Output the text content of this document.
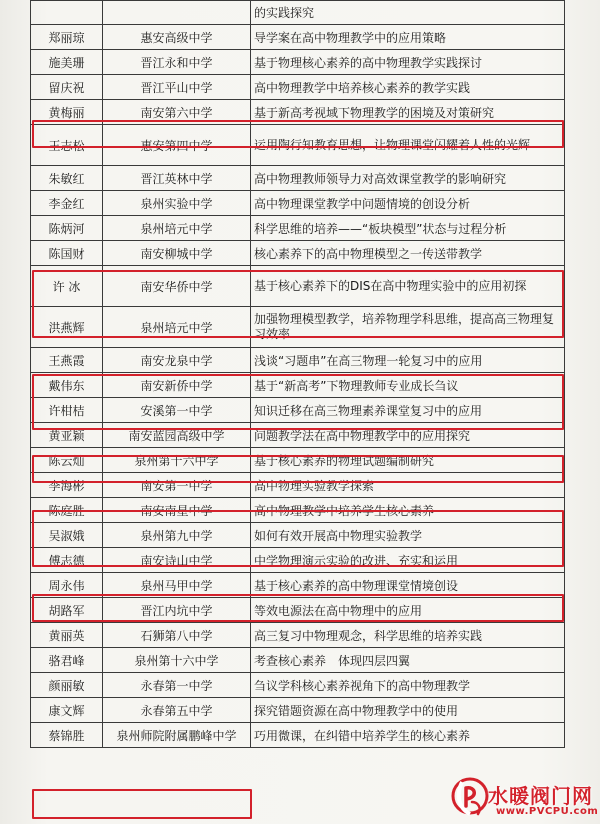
		的实践探究
郑丽琼	惠安高级中学	导学案在高中物理教学中的应用策略
施美珊	晋江永和中学	基于物理核心素养的高中物理教学实践探讨
留庆祝	晋江平山中学	高中物理教学中培养核心素养的教学实践
黄梅丽	南安第六中学	基于新高考视域下物理教学的困境及对策研究
王志松	惠安第四中学	运用陶行知教育思想，让物理课堂闪耀着人性的光辉
朱敏红	晋江英林中学	高中物理教师领导力对高效课堂教学的影响研究
李金红	泉州实验中学	高中物理课堂教学中问题情境的创设分析
陈炳河	泉州培元中学	科学思维的培养——“板块模型”状态与过程分析
陈国财	南安柳城中学	核心素养下的高中物理模型之一传送带教学
许 冰	南安华侨中学	基于核心素养下的DIS在高中物理实验中的应用初探
洪燕辉	泉州培元中学	加强物理模型教学，培养物理学科思维，提高高三物理复习效率
王燕霞	南安龙泉中学	浅谈“习题串”在高三物理一轮复习中的应用
戴伟东	南安新侨中学	基于“新高考”下物理教师专业成长刍议
许柑桔	安溪第一中学	知识迁移在高三物理素养课堂复习中的应用
黄亚颖	南安蓝园高级中学	问题教学法在高中物理教学中的应用探究
陈云灿	泉州第十六中学	基于核心素养的物理试题编制研究
李海彬	南安第一中学	高中物理实验教学探索
陈庭胜	南安南星中学	高中物理教学中培养学生核心素养
吴淑娥	泉州第九中学	如何有效开展高中物理实验教学
傅志德	南安诗山中学	中学物理演示实验的改进、充实和运用
周永伟	泉州马甲中学	基于核心素养的高中物理课堂情境创设
胡路军	晋江内坑中学	等效电源法在高中物理中的应用
黄丽英	石狮第八中学	高三复习中物理观念，科学思维的培养实践
骆君峰	泉州第十六中学	考查核心素养　体现四层四翼
颜丽敏	永春第一中学	刍议学科核心素养视角下的高中物理教学
康文辉	永春第五中学	探究错题资源在高中物理教学中的使用
蔡锦胜	泉州师院附属鹏峰中学	巧用微课，在纠错中培养学生的核心素养
水暖阀门网
www.PVCPU.com
